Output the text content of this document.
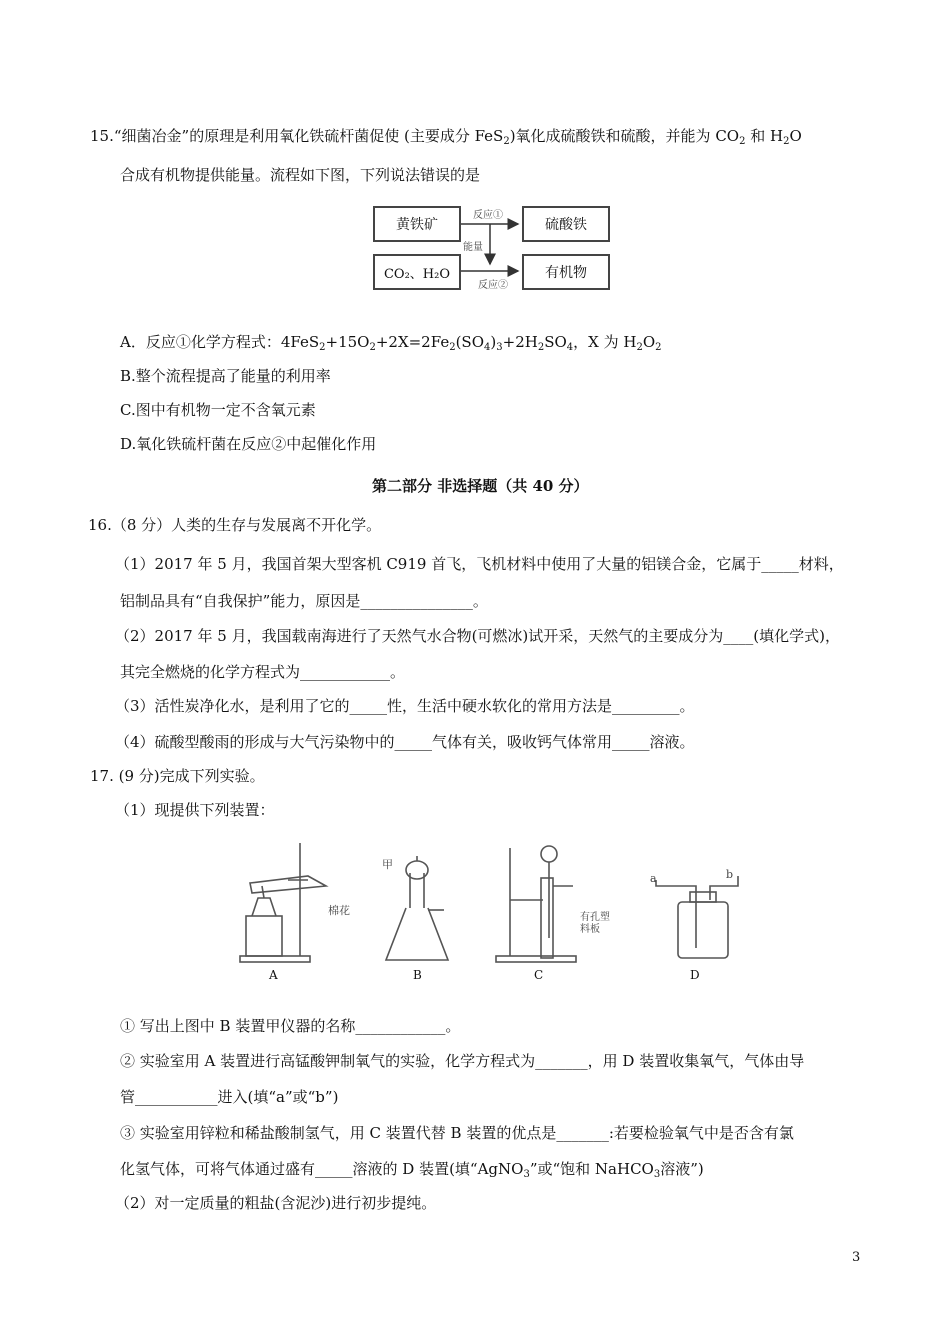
15.“细菌冶金”的原理是利用氧化铁硫杆菌促使 (主要成分 FeS$_2$)氧化成硫酸铁和硫酸，并能为 $CO_2$ 和 $H_2O$
合成有机物提供能量。流程如下图，下列说法错误的是
黄铁矿	硫酸铁
CO₂、H₂O	有机物
反应①
能量
反应②
A．反应①化学方程式：$4FeS_2+15O_2+2X=2Fe_2(SO_4)_3+2H_2SO_4$，X 为 $H_2O_2$
B.整个流程提高了能量的利用率
C.图中有机物一定不含氧元素
D.氧化铁硫杆菌在反应②中起催化作用
第二部分 非选择题（共 40 分）
16.（8 分）人类的生存与发展离不开化学。
（1）2017 年 5 月，我国首架大型客机 C919 首飞，飞机材料中使用了大量的铝镁合金，它属于_____材料，
铝制品具有“自我保护”能力，原因是_______________。
（2）2017 年 5 月，我国载南海进行了天然气水合物(可燃冰)试开采，天然气的主要成分为____(填化学式)，
其完全燃烧的化学方程式为____________。
（3）活性炭净化水，是利用了它的_____性，生活中硬水软化的常用方法是_________。
（4）硫酸型酸雨的形成与大气污染物中的_____气体有关，吸收钙气体常用_____溶液。
17. (9 分)完成下列实验。
（1）现提供下列装置：
棉花
甲
有孔塑料板
a	b
A	B	C	D
① 写出上图中 B 装置甲仪器的名称____________。
② 实验室用 A 装置进行高锰酸钾制氧气的实验，化学方程式为_______，用 D 装置收集氧气，气体由导
管___________进入(填“a”或“b”)
③ 实验室用锌粒和稀盐酸制氢气，用 C 装置代替 B 装置的优点是_______:若要检验氧气中是否含有氯
化氢气体，可将气体通过盛有_____溶液的 D 装置(填“AgNO$_3$”或“饱和 NaHCO$_3$溶液”)
（2）对一定质量的粗盐(含泥沙)进行初步提纯。
3
